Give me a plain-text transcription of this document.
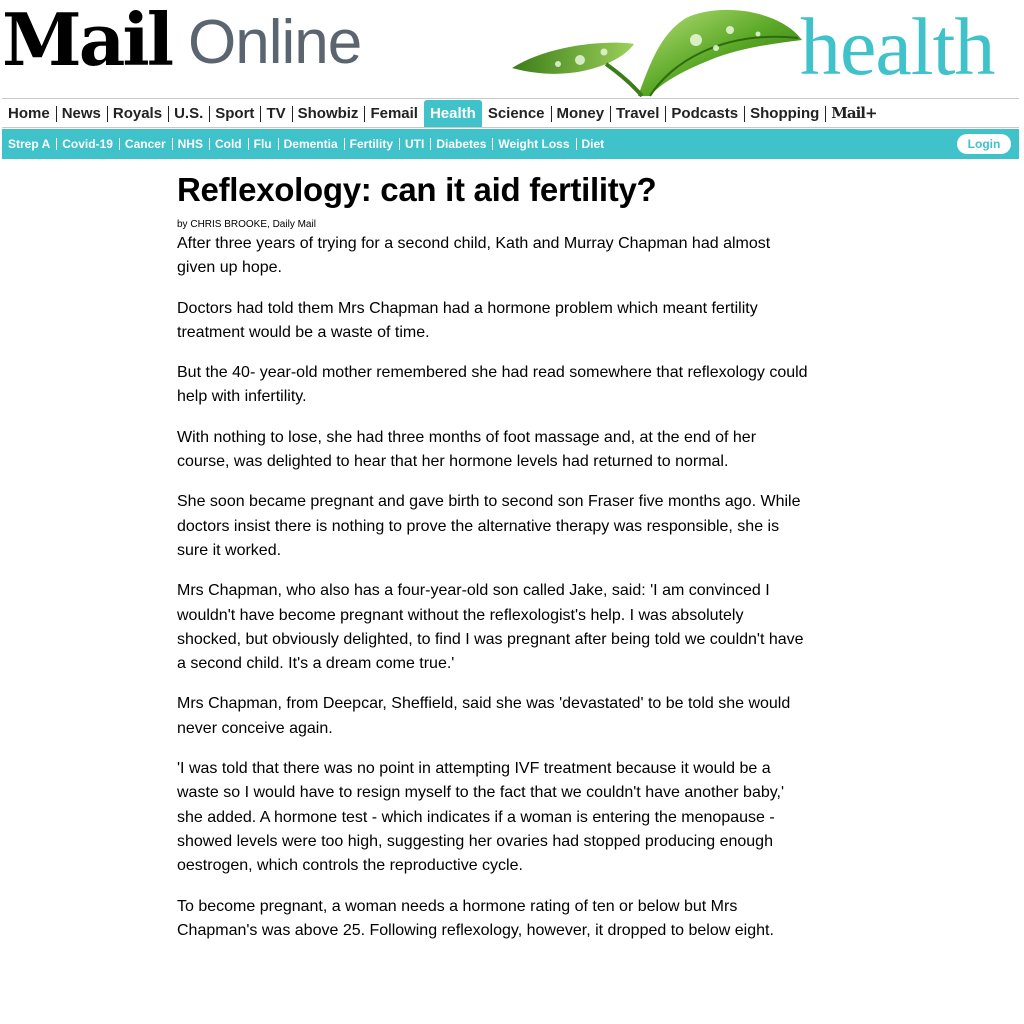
Mail Online	health
Home News Royals U.S. Sport TV Showbiz Femail Health Science Money Travel Podcasts Shopping Mail+
Strep A	Covid-19	Cancer	NHS	Cold	Flu	Dementia	Fertility	UTI	Diabetes	Weight Loss	Diet	Login
Reflexology: can it aid fertility?
by CHRIS BROOKE, Daily Mail

After three years of trying for a second child, Kath and Murray Chapman had almost given up hope.

Doctors had told them Mrs Chapman had a hormone problem which meant fertility treatment would be a waste of time.

But the 40- year-old mother remembered she had read somewhere that reflexology could help with infertility.

With nothing to lose, she had three months of foot massage and, at the end of her course, was delighted to hear that her hormone levels had returned to normal.

She soon became pregnant and gave birth to second son Fraser five months ago. While doctors insist there is nothing to prove the alternative therapy was responsible, she is sure it worked.

Mrs Chapman, who also has a four-year-old son called Jake, said: 'I am convinced I wouldn't have become pregnant without the reflexologist's help. I was absolutely shocked, but obviously delighted, to find I was pregnant after being told we couldn't have a second child. It's a dream come true.'

Mrs Chapman, from Deepcar, Sheffield, said she was 'devastated' to be told she would never conceive again.

'I was told that there was no point in attempting IVF treatment because it would be a waste so I would have to resign myself to the fact that we couldn't have another baby,' she added. A hormone test - which indicates if a woman is entering the menopause - showed levels were too high, suggesting her ovaries had stopped producing enough oestrogen, which controls the reproductive cycle.

To become pregnant, a woman needs a hormone rating of ten or below but Mrs Chapman's was above 25. Following reflexology, however, it dropped to below eight.
